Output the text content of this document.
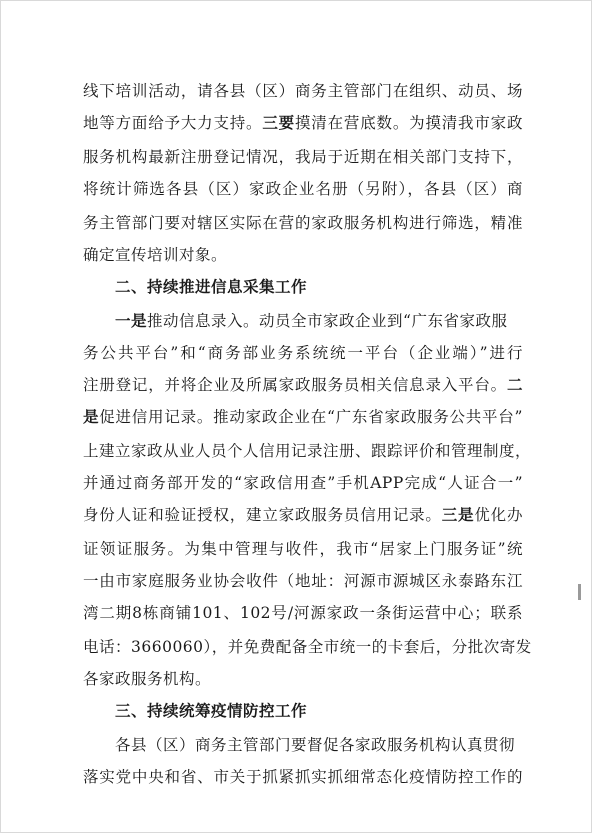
线下培训活动，请各县（区）商务主管部门在组织、动员、场
地等方面给予大力支持。三要摸清在营底数。为摸清我市家政
服务机构最新注册登记情况，我局于近期在相关部门支持下，
将统计筛选各县（区）家政企业名册（另附），各县（区）商
务主管部门要对辖区实际在营的家政服务机构进行筛选，精准
确定宣传培训对象。
二、持续推进信息采集工作
一是推动信息录入。动员全市家政企业到“广东省家政服
务公共平台”和“商务部业务系统统一平台（企业端）”进行
注册登记，并将企业及所属家政服务员相关信息录入平台。二
是促进信用记录。推动家政企业在“广东省家政服务公共平台”
上建立家政从业人员个人信用记录注册、跟踪评价和管理制度，
并通过商务部开发的“家政信用查”手机APP完成“人证合一”
身份人证和验证授权，建立家政服务员信用记录。三是优化办
证领证服务。为集中管理与收件，我市“居家上门服务证”统
一由市家庭服务业协会收件（地址：河源市源城区永泰路东江
湾二期8栋商铺101、102号/河源家政一条街运营中心；联系
电话：3660060），并免费配备全市统一的卡套后，分批次寄发
各家政服务机构。
三、持续统筹疫情防控工作
各县（区）商务主管部门要督促各家政服务机构认真贯彻
落实党中央和省、市关于抓紧抓实抓细常态化疫情防控工作的
